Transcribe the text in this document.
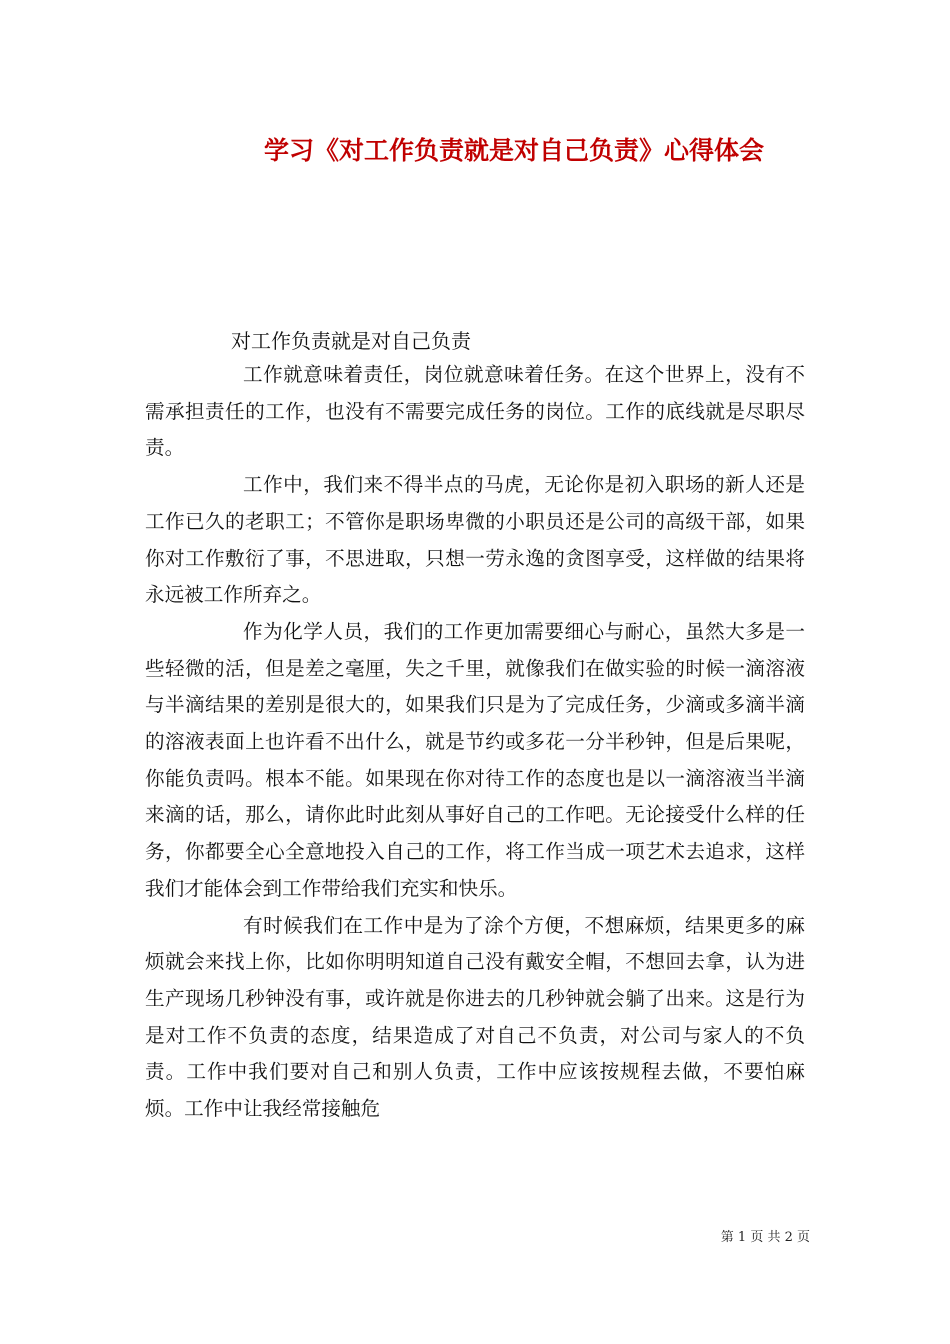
学习《对工作负责就是对自己负责》心得体会
对工作负责就是对自己负责

工作就意味着责任，岗位就意味着任务。在这个世界上，没有不需承担责任的工作，也没有不需要完成任务的岗位。工作的底线就是尽职尽责。

工作中，我们来不得半点的马虎，无论你是初入职场的新人还是工作已久的老职工；不管你是职场卑微的小职员还是公司的高级干部，如果你对工作敷衍了事，不思进取，只想一劳永逸的贪图享受，这样做的结果将永远被工作所弃之。

作为化学人员，我们的工作更加需要细心与耐心，虽然大多是一些轻微的活，但是差之毫厘，失之千里，就像我们在做实验的时候一滴溶液与半滴结果的差别是很大的，如果我们只是为了完成任务，少滴或多滴半滴的溶液表面上也许看不出什么，就是节约或多花一分半秒钟，但是后果呢，你能负责吗。根本不能。如果现在你对待工作的态度也是以一滴溶液当半滴来滴的话，那么，请你此时此刻从事好自己的工作吧。无论接受什么样的任务，你都要全心全意地投入自己的工作，将工作当成一项艺术去追求，这样我们才能体会到工作带给我们充实和快乐。

有时候我们在工作中是为了涂个方便，不想麻烦，结果更多的麻烦就会来找上你，比如你明明知道自己没有戴安全帽，不想回去拿，认为进生产现场几秒钟没有事，或许就是你进去的几秒钟就会躺了出来。这是行为是对工作不负责的态度，结果造成了对自己不负责，对公司与家人的不负责。工作中我们要对自己和别人负责，工作中应该按规程去做，不要怕麻烦。工作中让我经常接触危

第 1 页 共 2 页
